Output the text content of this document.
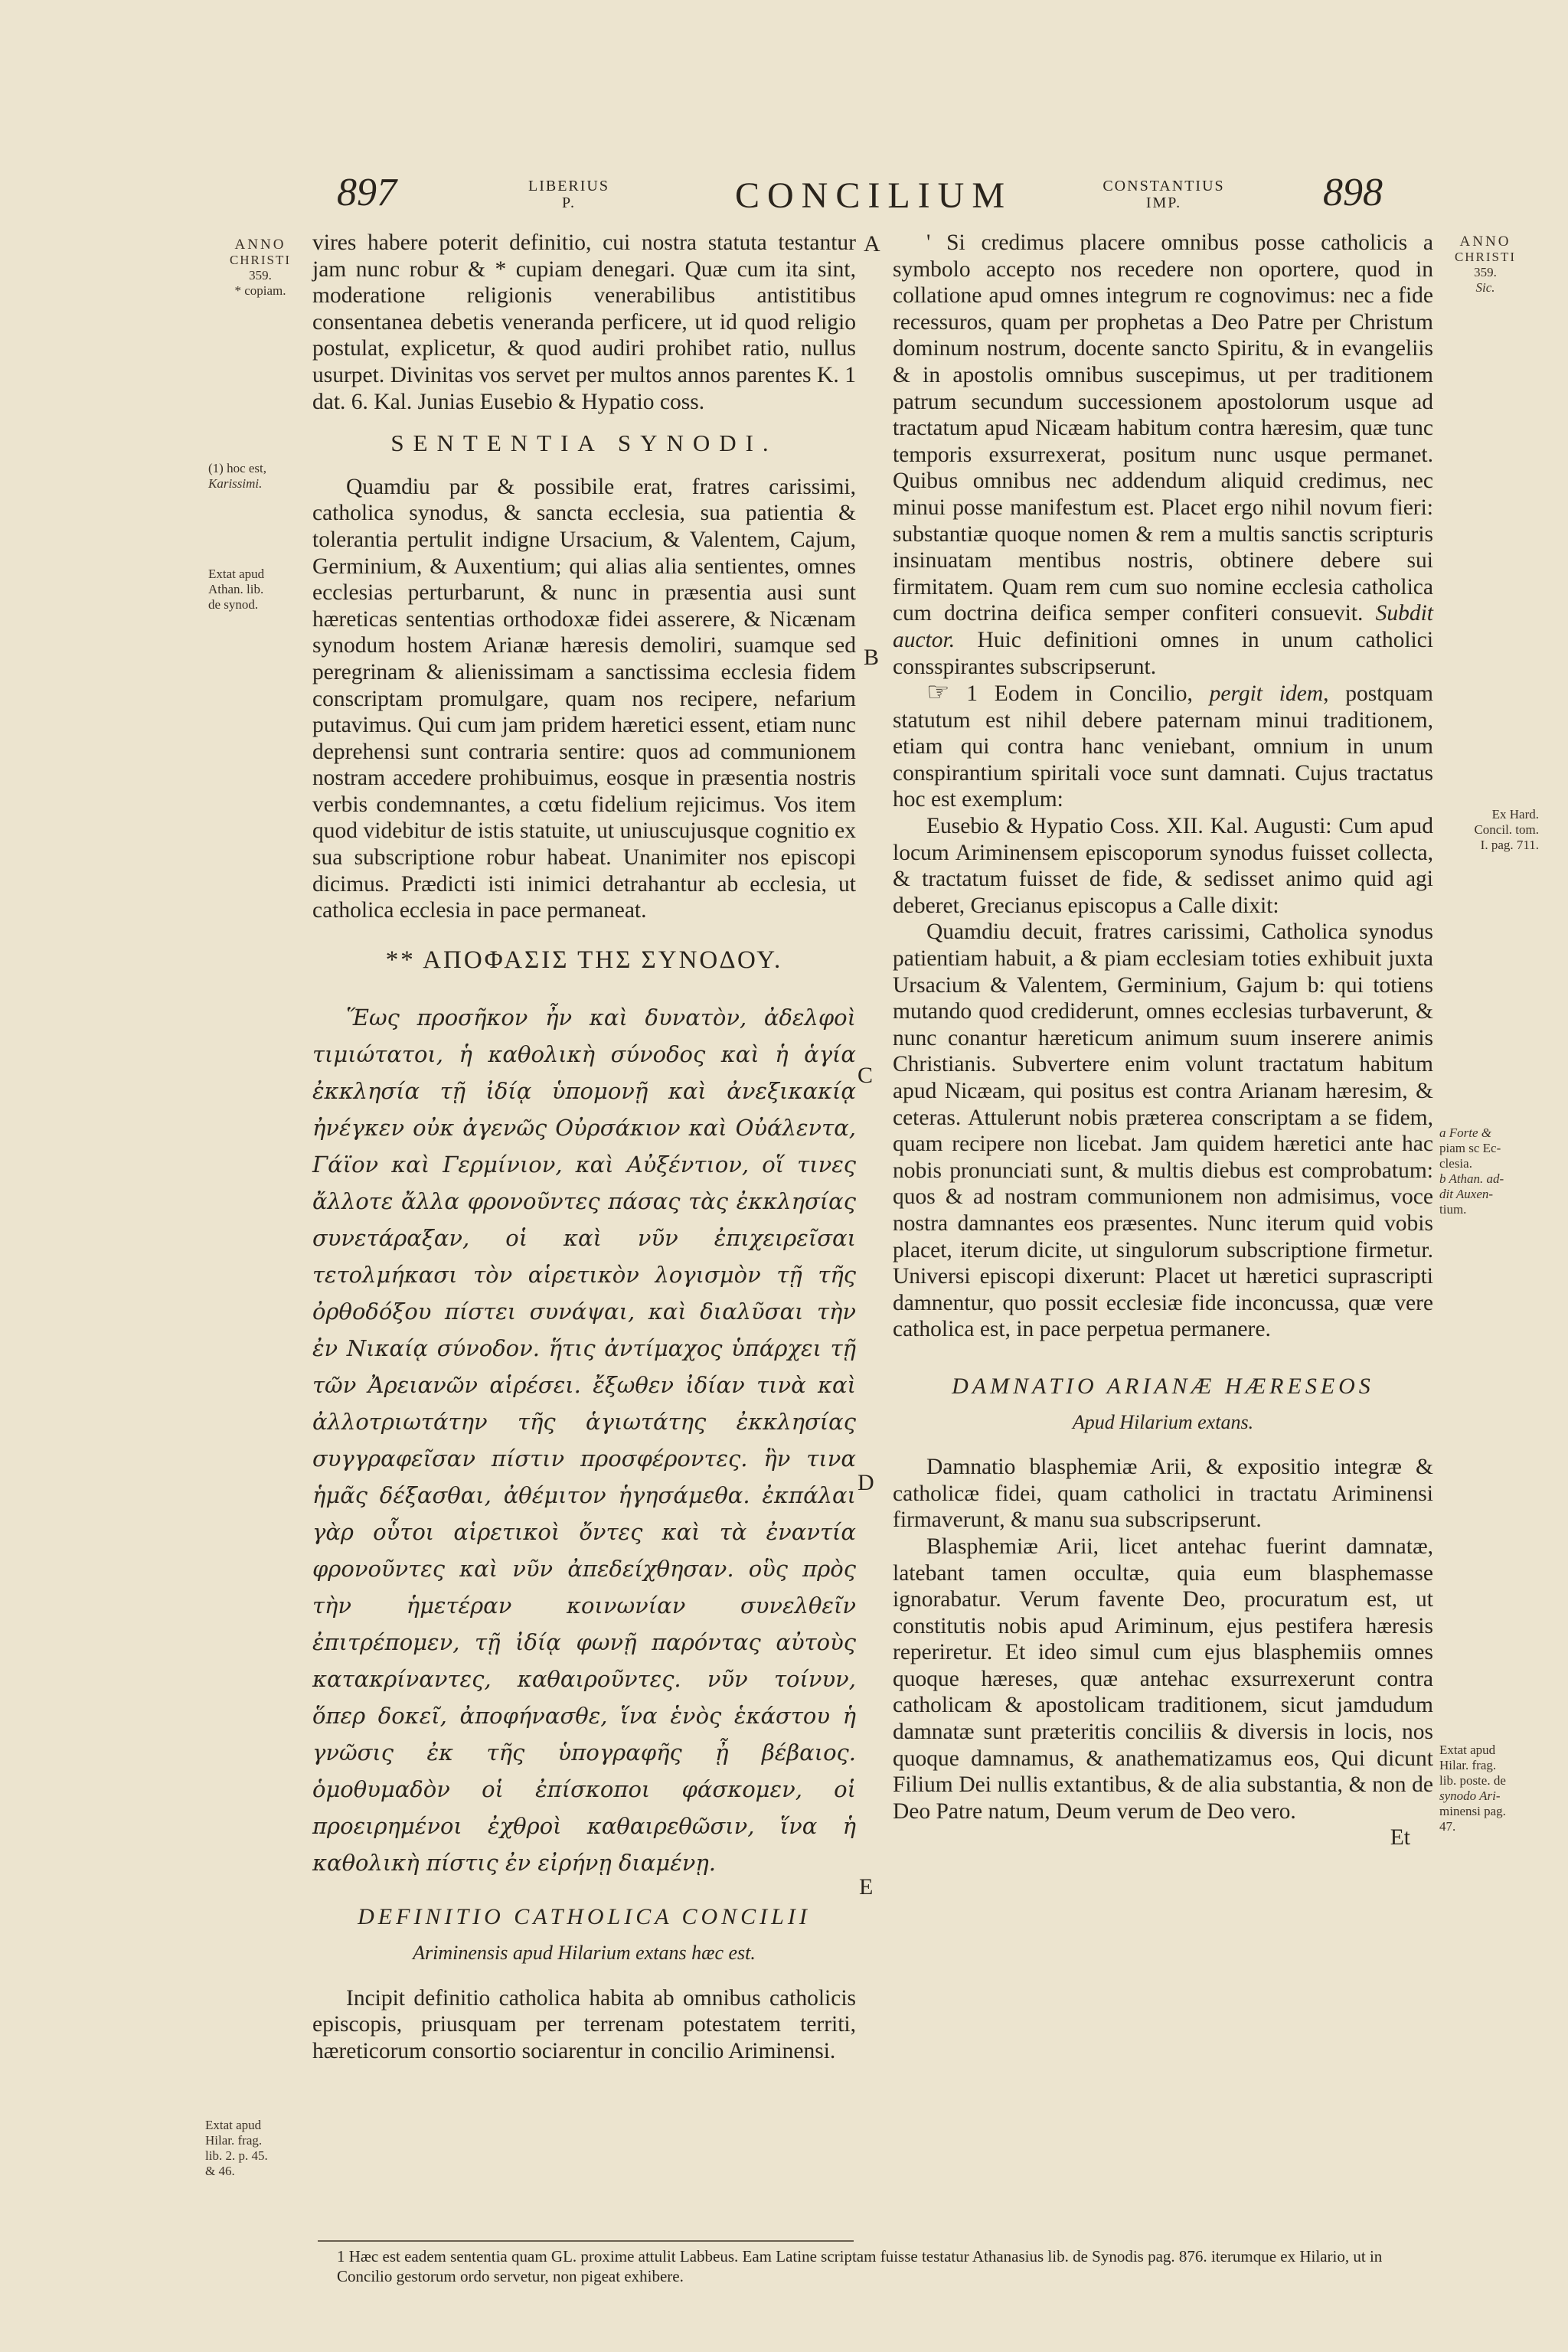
897	LIBERIUS
P.	CONCILIUM	CONSTANTIUS
IMP.	898
ANNO
CHRISTI
359.
* copiam.
(1) hoc est,
Karissimi.
Extat apud
Athan. lib.
de synod.
Extat apud
Hilar. frag.
lib. 2. p. 45.
& 46.
A
B
C
D
E
ANNO
CHRISTI
359.
Sic.
Ex Hard.
Concil. tom.
I. pag. 711.
a Forte &
piam sc Ec-
clesia.
b Athan. ad-
dit Auxen-
tium.
Extat apud
Hilar. frag.
lib. poste. de
synodo Ari-
minensi pag.
47.

vires habere poterit definitio, cui nostra statuta testantur jam nunc robur & * cupiam denegari. Quæ cum ita sint, moderatione religionis venerabilibus antistitibus consentanea debetis veneranda perficere, ut id quod religio postulat, explicetur, & quod audiri prohibet ratio, nullus usurpet. Divinitas vos servet per multos annos parentes K. 1 dat. 6. Kal. Junias Eusebio & Hypatio coss.

SENTENTIA SYNODI.

Quamdiu par & possibile erat, fratres carissimi, catholica synodus, & sancta ecclesia, sua patientia & tolerantia pertulit indigne Ursacium, & Valentem, Cajum, Germinium, & Auxentium; qui alias alia sentientes, omnes ecclesias perturbarunt, & nunc in præsentia ausi sunt hæreticas sententias orthodoxæ fidei asserere, & Nicænam synodum hostem Arianæ hæresis demoliri, suamque sed peregrinam & alienissimam a sanctissima ecclesia fidem conscriptam promulgare, quam nos recipere, nefarium putavimus. Qui cum jam pridem hæretici essent, etiam nunc deprehensi sunt contraria sentire: quos ad communionem nostram accedere prohibuimus, eosque in præsentia nostris verbis condemnantes, a cœtu fidelium rejicimus. Vos item quod videbitur de istis statuite, ut uniuscujusque cognitio ex sua subscriptione robur habeat. Unanimiter nos episcopi dicimus. Prædicti isti inimici detrahantur ab ecclesia, ut catholica ecclesia in pace permaneat.

** ΑΠΟΦΑΣΙΣ ΤΗΣ ΣΥΝΟΔΟΥ.

Ἕως προσῆκον ἦν καὶ δυνατὸν, ἀδελφοὶ τιμιώτατοι, ἡ καθολικὴ σύνοδος καὶ ἡ ἁγία ἐκκλησία τῇ ἰδίᾳ ὑπομονῇ καὶ ἀνεξικακίᾳ ἠνέγκεν οὐκ ἀγενῶς Οὐρσάκιον καὶ Οὐάλεντα, Γάϊον καὶ Γερμίνιον, καὶ Αὐξέντιον, οἵ τινες ἄλλοτε ἄλλα φρονοῦντες πάσας τὰς ἐκκλησίας συνετάραξαν, οἱ καὶ νῦν ἐπιχειρεῖσαι τετολμήκασι τὸν αἱρετικὸν λογισμὸν τῇ τῆς ὀρθοδόξου πίστει συνάψαι, καὶ διαλῦσαι τὴν ἐν Νικαίᾳ σύνοδον. ἥτις ἀντίμαχος ὑπάρχει τῇ τῶν Ἀρειανῶν αἱρέσει. ἔξωθεν ἰδίαν τινὰ καὶ ἀλλοτριωτάτην τῆς ἁγιωτάτης ἐκκλησίας συγγραφεῖσαν πίστιν προσφέροντες. ἣν τινα ἡμᾶς δέξασθαι, ἀθέμιτον ἡγησάμεθα. ἐκπάλαι γὰρ οὗτοι αἱρετικοὶ ὄντες καὶ τὰ ἐναντία φρονοῦντες καὶ νῦν ἀπεδείχθησαν. οὓς πρὸς τὴν ἡμετέραν κοινωνίαν συνελθεῖν ἐπιτρέπομεν, τῇ ἰδίᾳ φωνῇ παρόντας αὐτοὺς κατακρίναντες, καθαιροῦντες. νῦν τοίνυν, ὅπερ δοκεῖ, ἀποφήνασθε, ἵνα ἑνὸς ἑκάστου ἡ γνῶσις ἐκ τῆς ὑπογραφῆς ᾖ βέβαιος. ὁμοθυμαδὸν οἱ ἐπίσκοποι φάσκομεν, οἱ προειρημένοι ἐχθροὶ καθαιρεθῶσιν, ἵνα ἡ καθολικὴ πίστις ἐν εἰρήνῃ διαμένῃ.

DEFINITIO CATHOLICA CONCILII
Ariminensis apud Hilarium extans hæc est.

Incipit definitio catholica habita ab omnibus catholicis episcopis, priusquam per terrenam potestatem territi, hæreticorum consortio sociarentur in concilio Ariminensi.

' Si credimus placere omnibus posse catholicis a symbolo accepto nos recedere non oportere, quod in collatione apud omnes integrum re cognovimus: nec a fide recessuros, quam per prophetas a Deo Patre per Christum dominum nostrum, docente sancto Spiritu, & in evangeliis & in apostolis omnibus suscepimus, ut per traditionem patrum secundum successionem apostolorum usque ad tractatum apud Nicæam habitum contra hæresim, quæ tunc temporis exsurrexerat, positum nunc usque permanet. Quibus omnibus nec addendum aliquid credimus, nec minui posse manifestum est. Placet ergo nihil novum fieri: substantiæ quoque nomen & rem a multis sanctis scripturis insinuatam mentibus nostris, obtinere debere sui firmitatem. Quam rem cum suo nomine ecclesia catholica cum doctrina deifica semper confiteri consuevit. Subdit auctor. Huic definitioni omnes in unum catholici consspirantes subscripserunt.

☞ 1 Eodem in Concilio, pergit idem, postquam statutum est nihil debere paternam minui traditionem, etiam qui contra hanc veniebant, omnium in unum conspirantium spiritali voce sunt damnati. Cujus tractatus hoc est exemplum:

Eusebio & Hypatio Coss. XII. Kal. Augusti: Cum apud locum Ariminensem episcoporum synodus fuisset collecta, & tractatum fuisset de fide, & sedisset animo quid agi deberet, Grecianus episcopus a Calle dixit:

Quamdiu decuit, fratres carissimi, Catholica synodus patientiam habuit, a & piam ecclesiam toties exhibuit juxta Ursacium & Valentem, Germinium, Gajum b: qui totiens mutando quod crediderunt, omnes ecclesias turbaverunt, & nunc conantur hæreticum animum suum inserere animis Christianis. Subvertere enim volunt tractatum habitum apud Nicæam, qui positus est contra Arianam hæresim, & ceteras. Attulerunt nobis præterea conscriptam a se fidem, quam recipere non licebat. Jam quidem hæretici ante hac nobis pronunciati sunt, & multis diebus est comprobatum: quos & ad nostram communionem non admisimus, voce nostra damnantes eos præsentes. Nunc iterum quid vobis placet, iterum dicite, ut singulorum subscriptione firmetur. Universi episcopi dixerunt: Placet ut hæretici suprascripti damnentur, quo possit ecclesiæ fide inconcussa, quæ vere catholica est, in pace perpetua permanere.

DAMNATIO ARIANÆ HÆRESEOS
Apud Hilarium extans.

Damnatio blasphemiæ Arii, & expositio integræ & catholicæ fidei, quam catholici in tractatu Ariminensi firmaverunt, & manu sua subscripserunt.

Blasphemiæ Arii, licet antehac fuerint damnatæ, latebant tamen occultæ, quia eum blasphemasse ignorabatur. Verum favente Deo, procuratum est, ut constitutis nobis apud Ariminum, ejus pestifera hæresis reperiretur. Et ideo simul cum ejus blasphemiis omnes quoque hæreses, quæ antehac exsurrexerunt contra catholicam & apostolicam traditionem, sicut jamdudum damnatæ sunt præteritis conciliis & diversis in locis, nos quoque damnamus, & anathematizamus eos, Qui dicunt Filium Dei nullis extantibus, & de alia substantia, & non de Deo Patre natum, Deum verum de Deo vero.

Et
1 Hæc est eadem sententia quam GL. proxime attulit Labbeus. Eam Latine scriptam fuisse testatur Athanasius lib. de Synodis pag. 876. iterumque ex Hilario, ut in Concilio gestorum ordo servetur, non pigeat exhibere.
